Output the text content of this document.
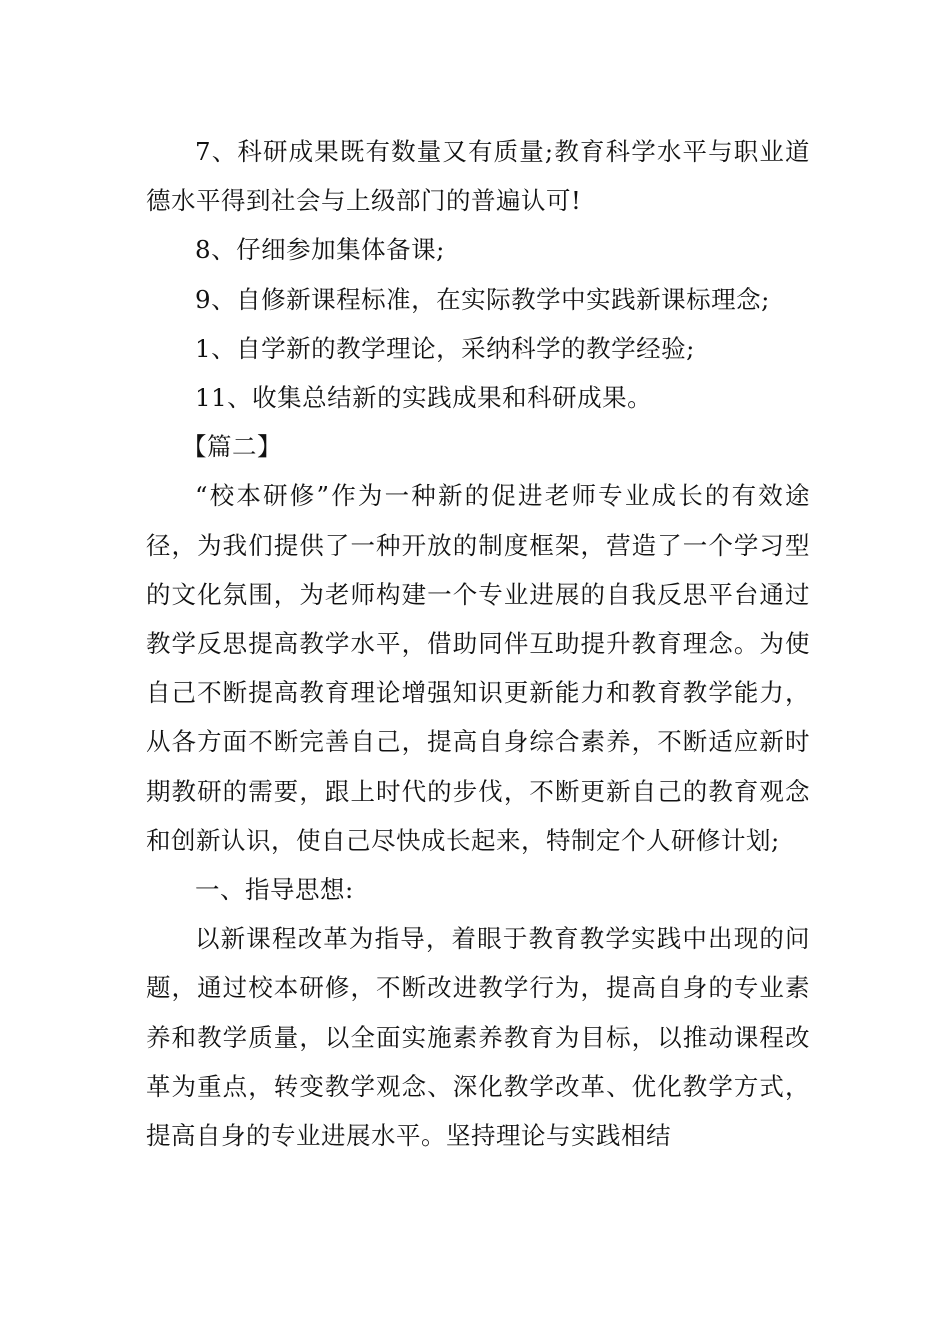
7、科研成果既有数量又有质量;教育科学水平与职业道德水平得到社会与上级部门的普遍认可!

8、仔细参加集体备课;

9、自修新课程标准，在实际教学中实践新课标理念;

1、自学新的教学理论，采纳科学的教学经验;

11、收集总结新的实践成果和科研成果。

【篇二】

“校本研修”作为一种新的促进老师专业成长的有效途径，为我们提供了一种开放的制度框架，营造了一个学习型的文化氛围，为老师构建一个专业进展的自我反思平台通过教学反思提高教学水平，借助同伴互助提升教育理念。为使自己不断提高教育理论增强知识更新能力和教育教学能力，从各方面不断完善自己，提高自身综合素养，不断适应新时期教研的需要，跟上时代的步伐，不断更新自己的教育观念和创新认识，使自己尽快成长起来，特制定个人研修计划;

一、指导思想:

以新课程改革为指导，着眼于教育教学实践中出现的问题，通过校本研修，不断改进教学行为，提高自身的专业素养和教学质量，以全面实施素养教育为目标，以推动课程改革为重点，转变教学观念、深化教学改革、优化教学方式，提高自身的专业进展水平。坚持理论与实践相结
